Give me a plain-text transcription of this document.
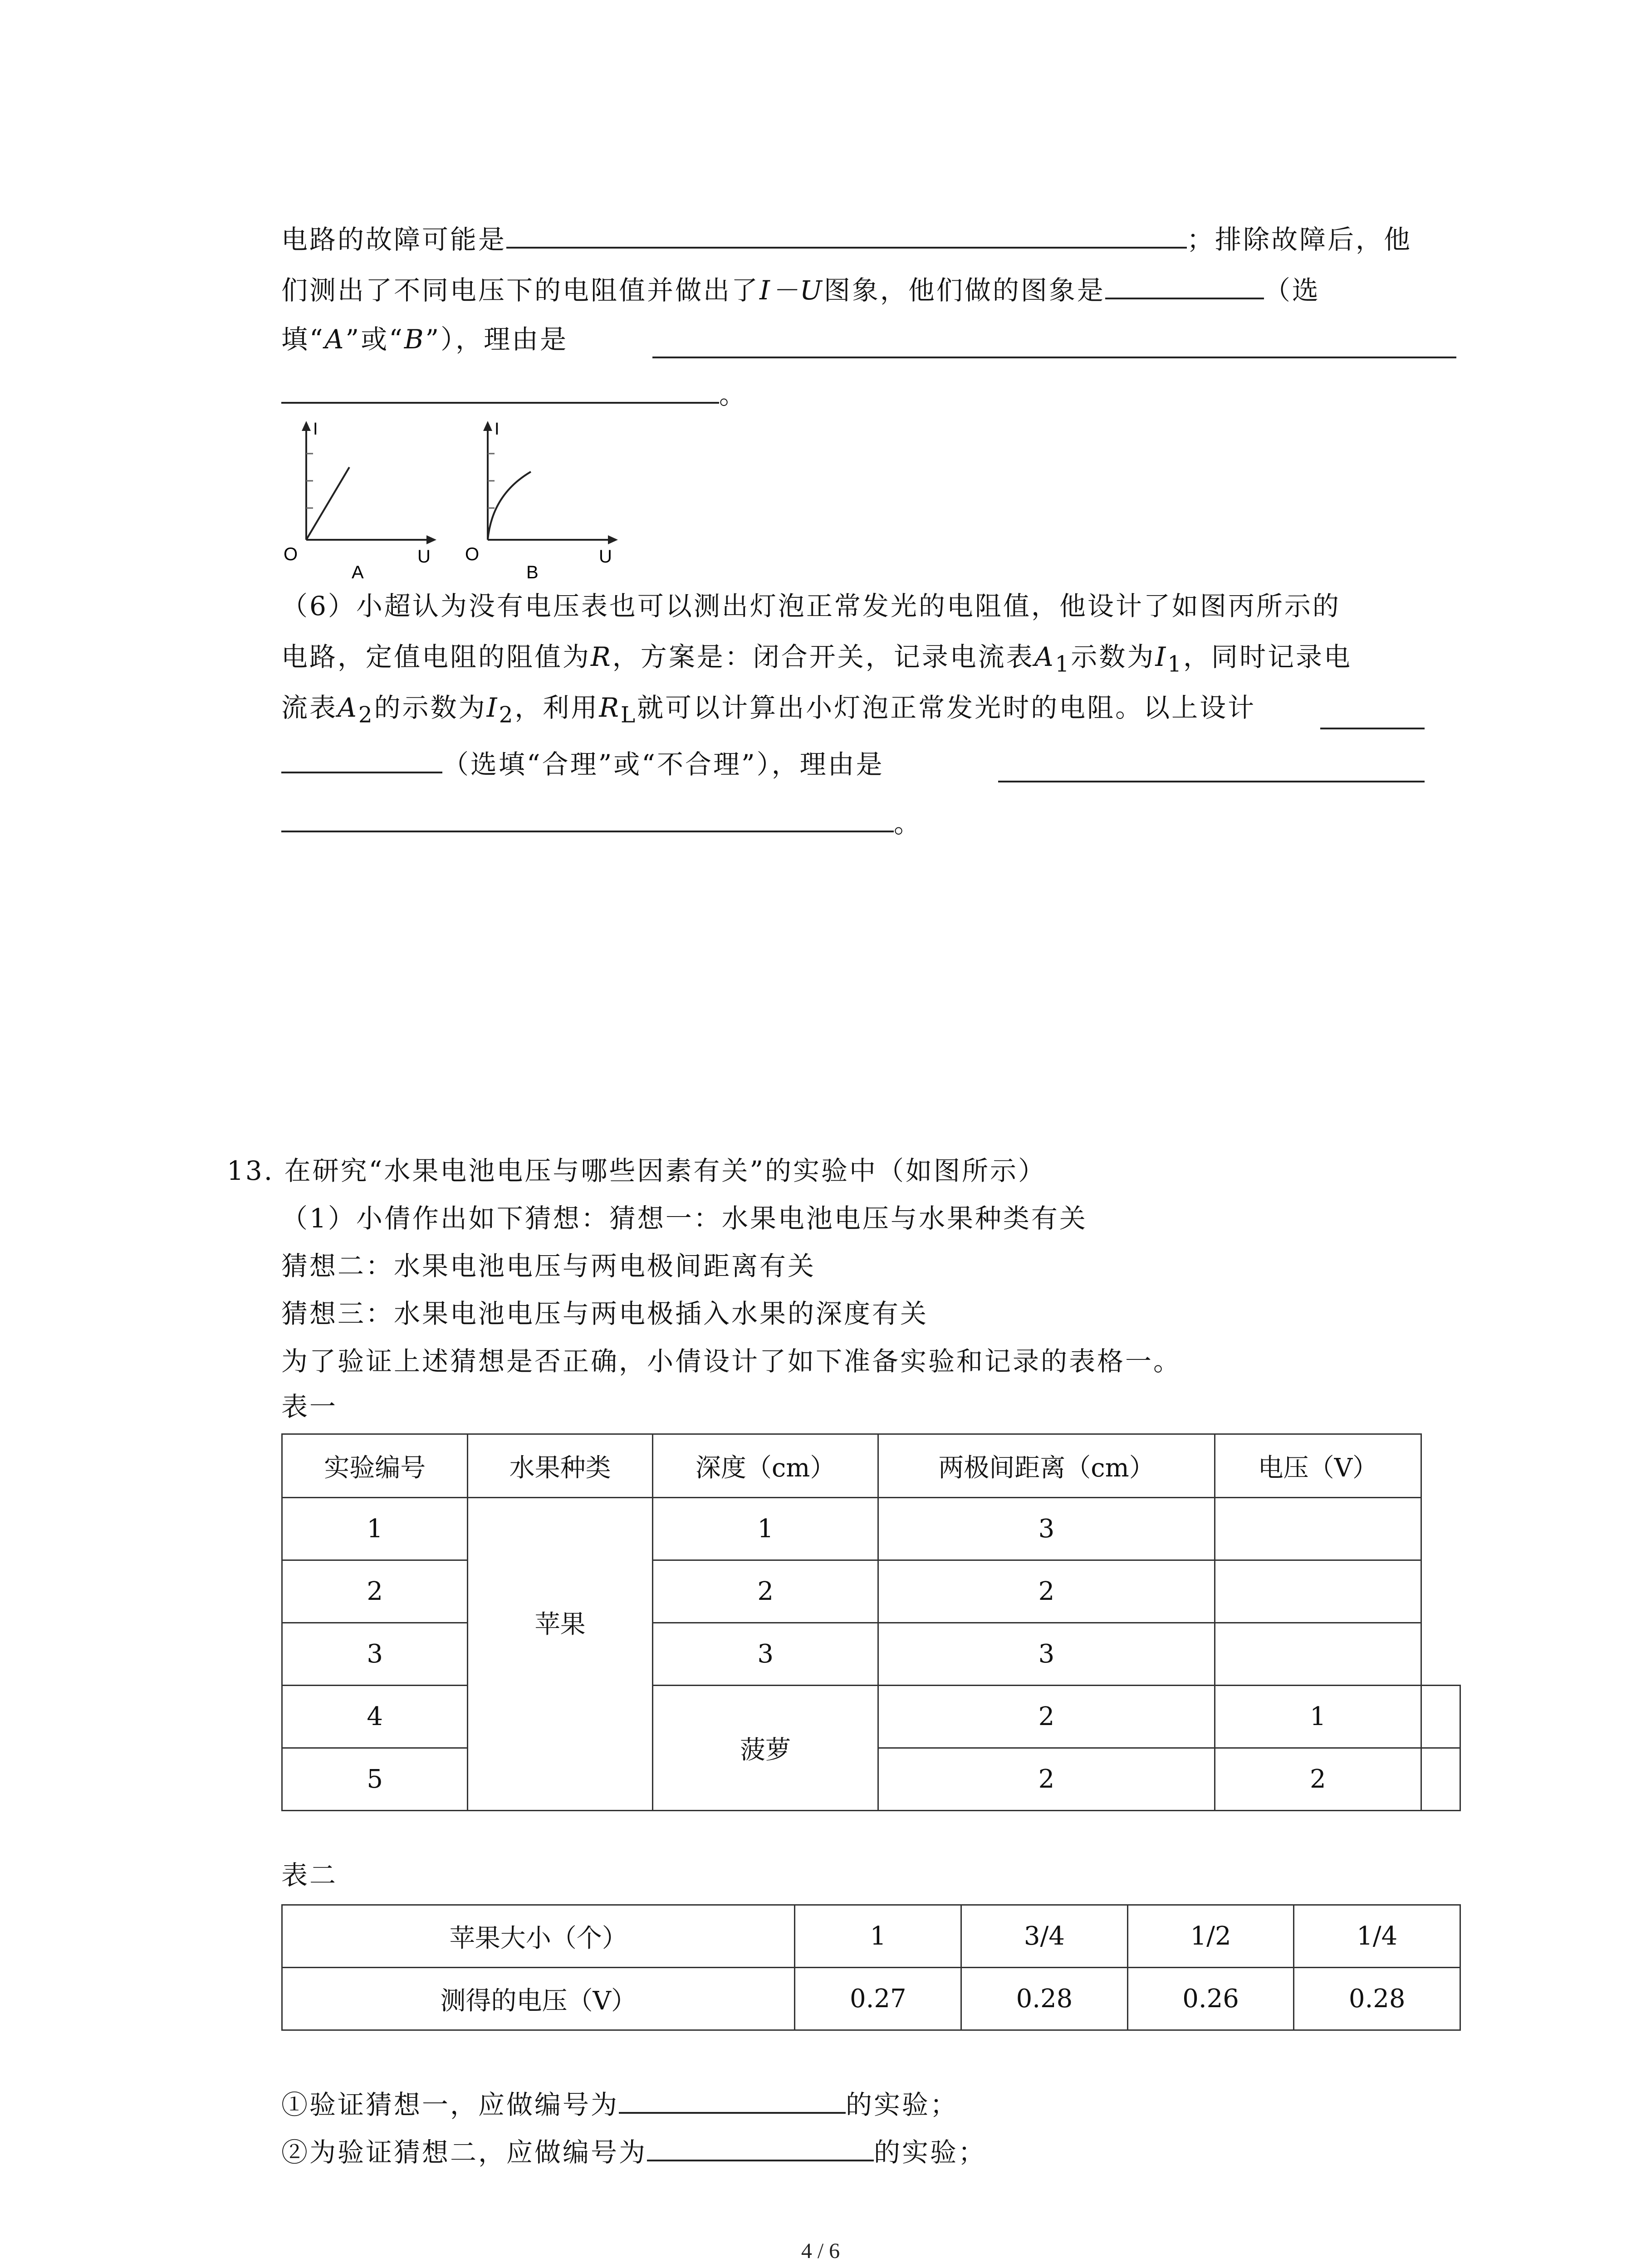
电路的故障可能是	；排除故障后，他
们测出了不同电压下的电阻值并做出了I－U图象，他们做的图象是	（选
填“A”或“B”），理由是
。
I
O	U
A
I
O	U
B
（6）小超认为没有电压表也可以测出灯泡正常发光的电阻值，他设计了如图丙所示的
电路，定值电阻的阻值为R，方案是：闭合开关，记录电流表$A_1$示数为$I_1$，同时记录电
流表$A_2$的示数为$I_2$，利用$R_L$就可以计算出小灯泡正常发光时的电阻。以上设计
（选填“合理”或“不合理”），理由是
。
13. 在研究“水果电池电压与哪些因素有关”的实验中（如图所示）
（1）小倩作出如下猜想：猜想一：水果电池电压与水果种类有关
猜想二：水果电池电压与两电极间距离有关
猜想三：水果电池电压与两电极插入水果的深度有关
为了验证上述猜想是否正确，小倩设计了如下准备实验和记录的表格一。
表一
实验编号	水果种类	深度（cm）	两极间距离（cm）	电压（V）	
1	苹果	1	3		
2		2	2		
3		3	3		
4		菠萝	2	1	
5			2	2	
表二
苹果大小（个）	1	3/4	1/2	1/4
测得的电压（V）	0.27	0.28	0.26	0.28
①验证猜想一，应做编号为	的实验；
②为验证猜想二，应做编号为	的实验；
4 / 6
